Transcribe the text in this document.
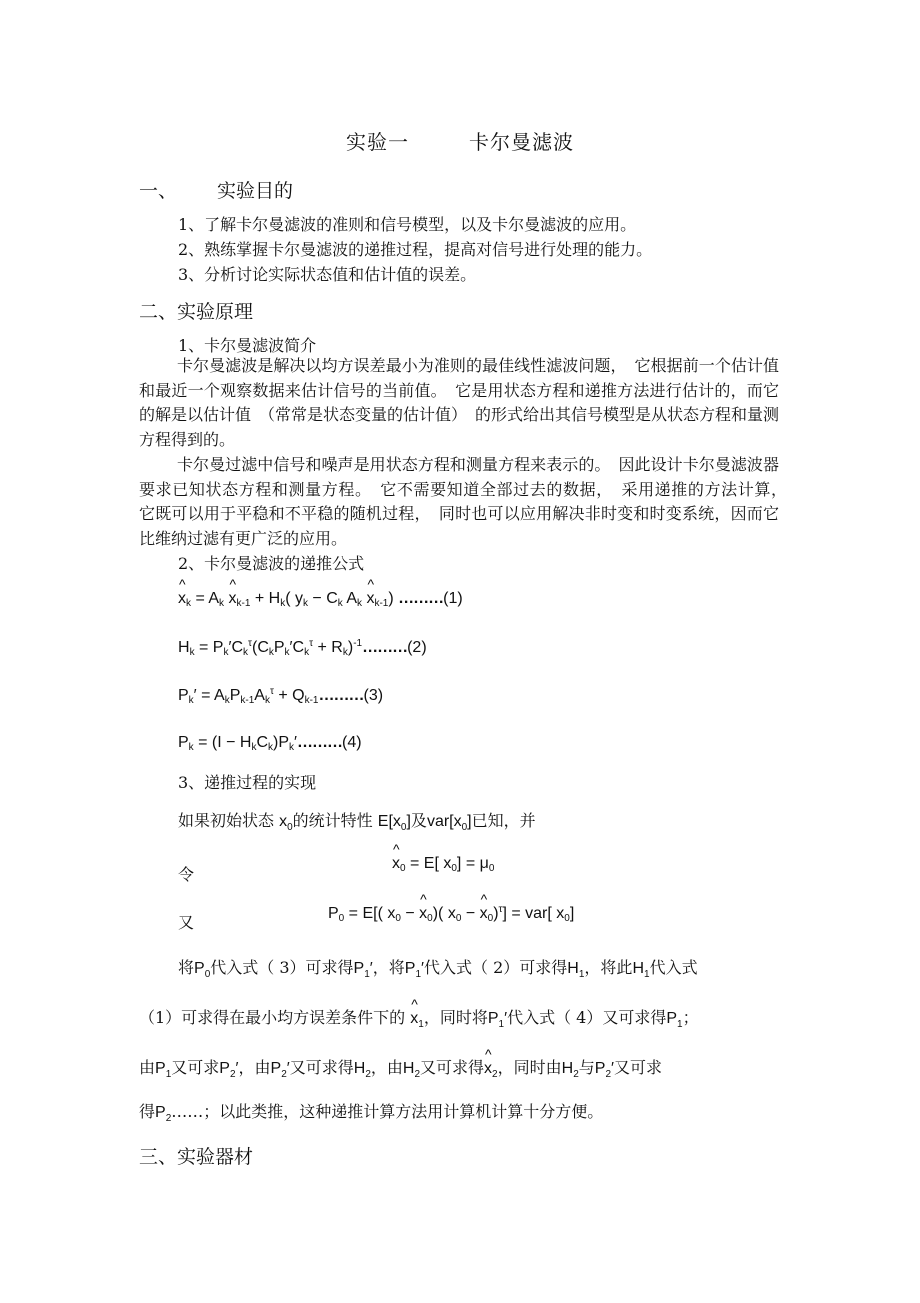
实验一	卡尔曼滤波
一、 实验目的
1、了解卡尔曼滤波的准则和信号模型，以及卡尔曼滤波的应用。
2、熟练掌握卡尔曼滤波的递推过程，提高对信号进行处理的能力。
3、分析讨论实际状态值和估计值的误差。
二、实验原理
1、卡尔曼滤波简介
卡尔曼滤波是解决以均方误差最小为准则的最佳线性滤波问题，　它根据前一个估计值和最近一个观察数据来估计信号的当前值。　它是用状态方程和递推方法进行估计的，而它的解是以估计值　（常常是状态变量的估计值）　的形式给出其信号模型是从状态方程和量测方程得到的。
卡尔曼过滤中信号和噪声是用状态方程和测量方程来表示的。　因此设计卡尔曼滤波器要求已知状态方程和测量方程。　它不需要知道全部过去的数据，　采用递推的方法计算，　它既可以用于平稳和不平稳的随机过程，　同时也可以应用解决非时变和时变系统，因而它比维纳过滤有更广泛的应用。
2、卡尔曼滤波的递推公式
^ $x_k = A_k$ ^ $x_{k-1} + H_k$( $y_k - C_k$ $A_k$ ^ $x_{k-1}$) ………(1)
$H_k = P_k'C_k^\tau(C_kP_k'C_k^\tau$ + $R_k)^{-1}\dots\dots\dots(2)$
$P_k' = A_kP_{k-1}A_k^\tau$ + $Q_{k-1}\dots\dots\dots(3)$
$P_k = (I$ − $H_kC_k)P_k'\dots\dots\dots(4)$
3、递推过程的实现
如果初始状态 $x_0$的统计特性 $E[x_0]$及$var[x_0]$已知，并
令
^ $x_0 = E$[ $x_0] = \mu_0$
又	$P_0 = E$[( $x_0$ − ^ $x_0$)( $x_0$ − ^ $x_0)^\tau] = var$[ $x_0$]
将$P_0$代入式（ 3）可求得$P_1'$，将$P_1'$代入式（ 2）可求得$H_1$，将此$H_1$代入式
（1）可求得在最小均方误差条件下的 ^ $x_1$，同时将$P_1'$代入式（ 4）又可求得$P_1$；
由$P_1$又可求$P_2'$，由$P_2'$又可求得$H_2$，由$H_2$又可求得^ $x_2$，同时由$H_2$与$P_2'$又可求
得$P_2\dots\dots$；以此类推，这种递推计算方法用计算机计算十分方便。
三、实验器材
